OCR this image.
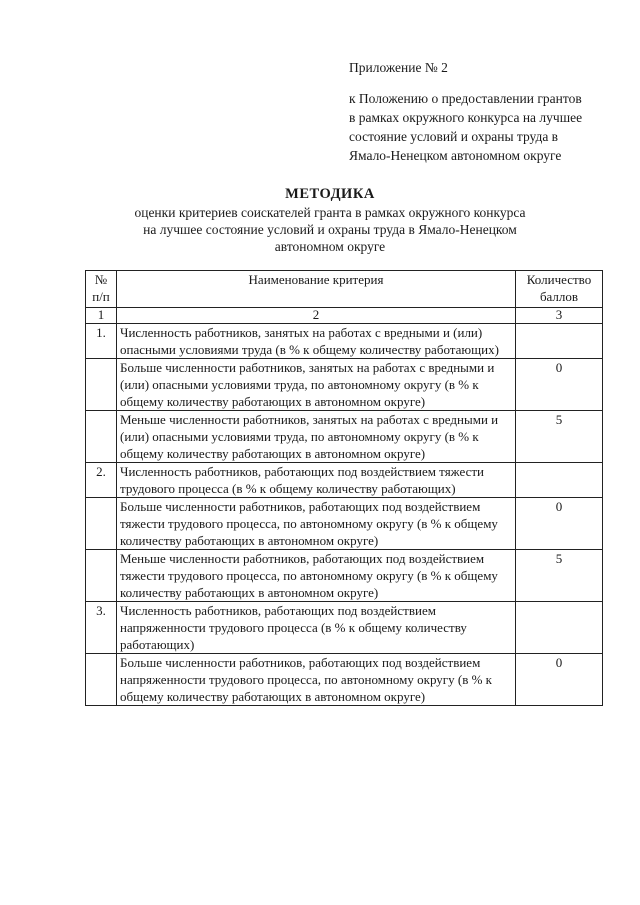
Приложение № 2
к Положению о предоставлении грантов
в рамках окружного конкурса на лучшее
состояние условий и охраны труда в
Ямало-Ненецком автономном округе
МЕТОДИКА
оценки критериев соискателей гранта в рамках окружного конкурса
на лучшее состояние условий и охраны труда в Ямало-Ненецком
автономном округе
№ п/п	Наименование критерия	Количество баллов
1	2	3
1.	Численность работников, занятых на работах с вредными и (или) опасными условиями труда (в % к общему количеству работающих)	
	Больше численности работников, занятых на работах с вредными и (или) опасными условиями труда, по автономному округу (в % к общему количеству работающих в автономном округе)	0
	Меньше численности работников, занятых на работах с вредными и (или) опасными условиями труда, по автономному округу (в % к общему количеству работающих в автономном округе)	5
2.	Численность работников, работающих под воздействием тяжести трудового процесса (в % к общему количеству работающих)	
	Больше численности работников, работающих под воздействием тяжести трудового процесса, по автономному округу (в % к общему количеству работающих в автономном округе)	0
	Меньше численности работников, работающих под воздействием тяжести трудового процесса, по автономному округу (в % к общему количеству работающих в автономном округе)	5
3.	Численность работников, работающих под воздействием напряженности трудового процесса (в % к общему количеству работающих)	
	Больше численности работников, работающих под воздействием напряженности трудового процесса, по автономному округу (в % к общему количеству работающих в автономном округе)	0
